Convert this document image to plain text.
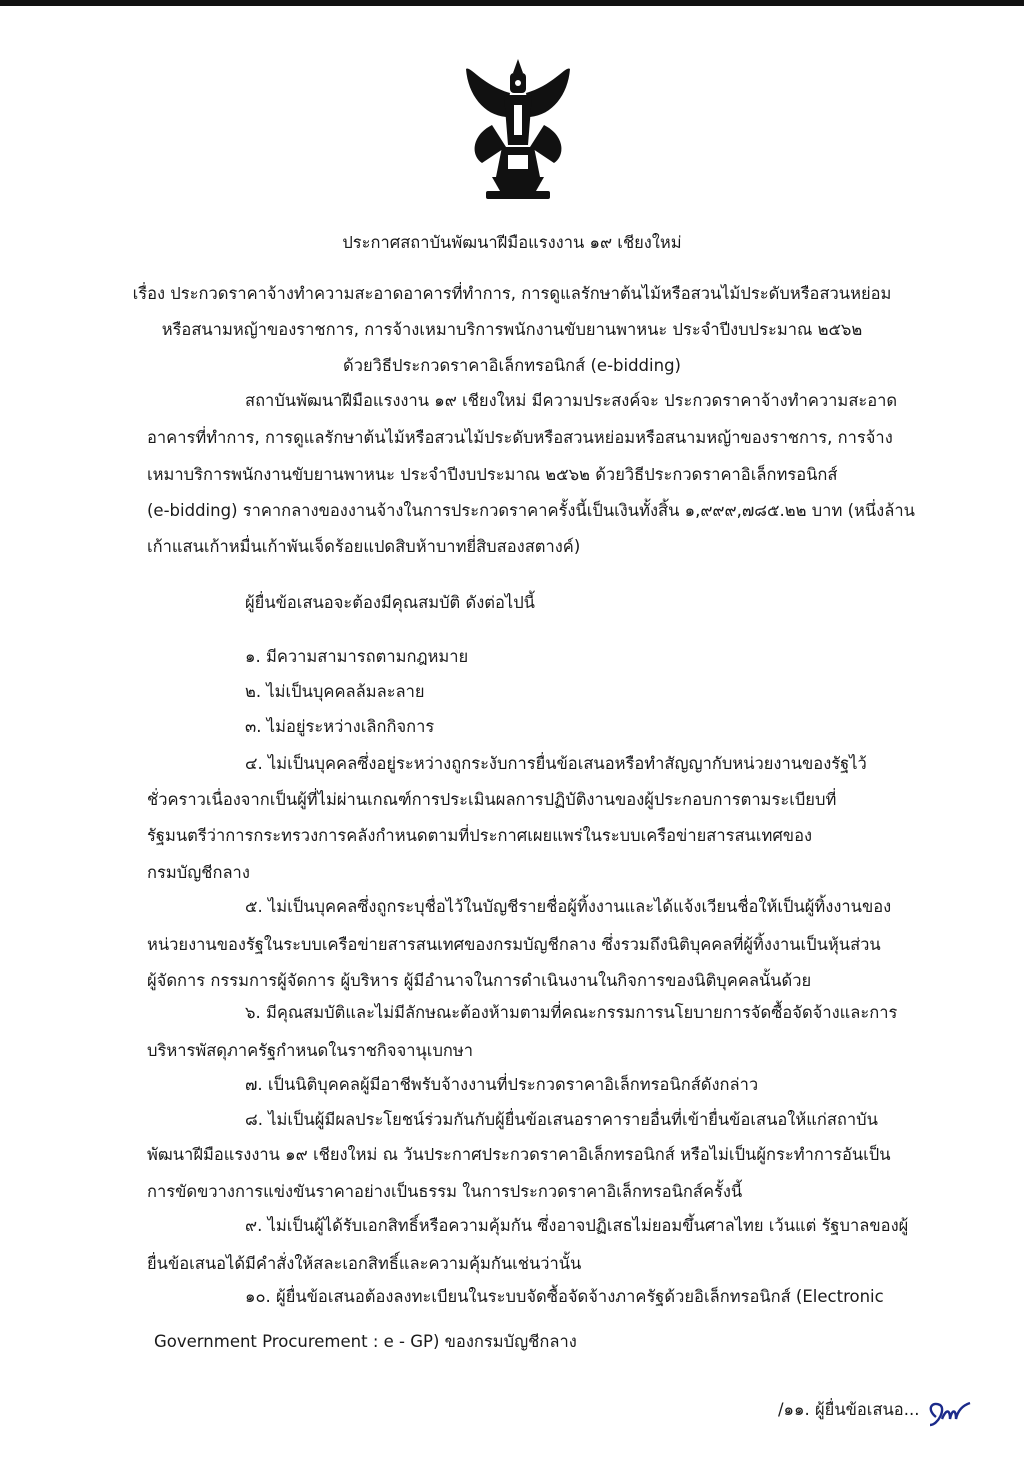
ประกาศสถาบันพัฒนาฝีมือแรงงาน ๑๙ เชียงใหม่
เรื่อง ประกวดราคาจ้างทำความสะอาดอาคารที่ทำการ, การดูแลรักษาต้นไม้หรือสวนไม้ประดับหรือสวนหย่อม
หรือสนามหญ้าของราชการ, การจ้างเหมาบริการพนักงานขับยานพาหนะ ประจำปีงบประมาณ ๒๕๖๒
ด้วยวิธีประกวดราคาอิเล็กทรอนิกส์ (e-bidding)
สถาบันพัฒนาฝีมือแรงงาน ๑๙ เชียงใหม่ มีความประสงค์จะ ประกวดราคาจ้างทำความสะอาด
อาคารที่ทำการ, การดูแลรักษาต้นไม้หรือสวนไม้ประดับหรือสวนหย่อมหรือสนามหญ้าของราชการ, การจ้าง
เหมาบริการพนักงานขับยานพาหนะ ประจำปีงบประมาณ ๒๕๖๒ ด้วยวิธีประกวดราคาอิเล็กทรอนิกส์
(e-bidding) ราคากลางของงานจ้างในการประกวดราคาครั้งนี้เป็นเงินทั้งสิ้น ๑,๙๙๙,๗๘๕.๒๒ บาท (หนึ่งล้าน
เก้าแสนเก้าหมื่นเก้าพันเจ็ดร้อยแปดสิบห้าบาทยี่สิบสองสตางค์)
ผู้ยื่นข้อเสนอจะต้องมีคุณสมบัติ ดังต่อไปนี้
๑. มีความสามารถตามกฎหมาย
๒. ไม่เป็นบุคคลล้มละลาย
๓. ไม่อยู่ระหว่างเลิกกิจการ
๔. ไม่เป็นบุคคลซึ่งอยู่ระหว่างถูกระงับการยื่นข้อเสนอหรือทำสัญญากับหน่วยงานของรัฐไว้
ชั่วคราวเนื่องจากเป็นผู้ที่ไม่ผ่านเกณฑ์การประเมินผลการปฏิบัติงานของผู้ประกอบการตามระเบียบที่
รัฐมนตรีว่าการกระทรวงการคลังกำหนดตามที่ประกาศเผยแพร่ในระบบเครือข่ายสารสนเทศของ
กรมบัญชีกลาง
๕. ไม่เป็นบุคคลซึ่งถูกระบุชื่อไว้ในบัญชีรายชื่อผู้ทิ้งงานและได้แจ้งเวียนชื่อให้เป็นผู้ทิ้งงานของ
หน่วยงานของรัฐในระบบเครือข่ายสารสนเทศของกรมบัญชีกลาง ซึ่งรวมถึงนิติบุคคลที่ผู้ทิ้งงานเป็นหุ้นส่วน
ผู้จัดการ กรรมการผู้จัดการ ผู้บริหาร ผู้มีอำนาจในการดำเนินงานในกิจการของนิติบุคคลนั้นด้วย
๖. มีคุณสมบัติและไม่มีลักษณะต้องห้ามตามที่คณะกรรมการนโยบายการจัดซื้อจัดจ้างและการ
บริหารพัสดุภาครัฐกำหนดในราชกิจจานุเบกษา
๗. เป็นนิติบุคคลผู้มีอาชีพรับจ้างงานที่ประกวดราคาอิเล็กทรอนิกส์ดังกล่าว
๘. ไม่เป็นผู้มีผลประโยชน์ร่วมกันกับผู้ยื่นข้อเสนอราคารายอื่นที่เข้ายื่นข้อเสนอให้แก่สถาบัน
พัฒนาฝีมือแรงงาน ๑๙ เชียงใหม่ ณ วันประกาศประกวดราคาอิเล็กทรอนิกส์ หรือไม่เป็นผู้กระทำการอันเป็น
การขัดขวางการแข่งขันราคาอย่างเป็นธรรม ในการประกวดราคาอิเล็กทรอนิกส์ครั้งนี้
๙. ไม่เป็นผู้ได้รับเอกสิทธิ์หรือความคุ้มกัน ซึ่งอาจปฏิเสธไม่ยอมขึ้นศาลไทย เว้นแต่ รัฐบาลของผู้
ยื่นข้อเสนอได้มีคำสั่งให้สละเอกสิทธิ์และความคุ้มกันเช่นว่านั้น
๑๐. ผู้ยื่นข้อเสนอต้องลงทะเบียนในระบบจัดซื้อจัดจ้างภาครัฐด้วยอิเล็กทรอนิกส์ (Electronic
Government Procurement : e - GP) ของกรมบัญชีกลาง
/๑๑. ผู้ยื่นข้อเสนอ...
